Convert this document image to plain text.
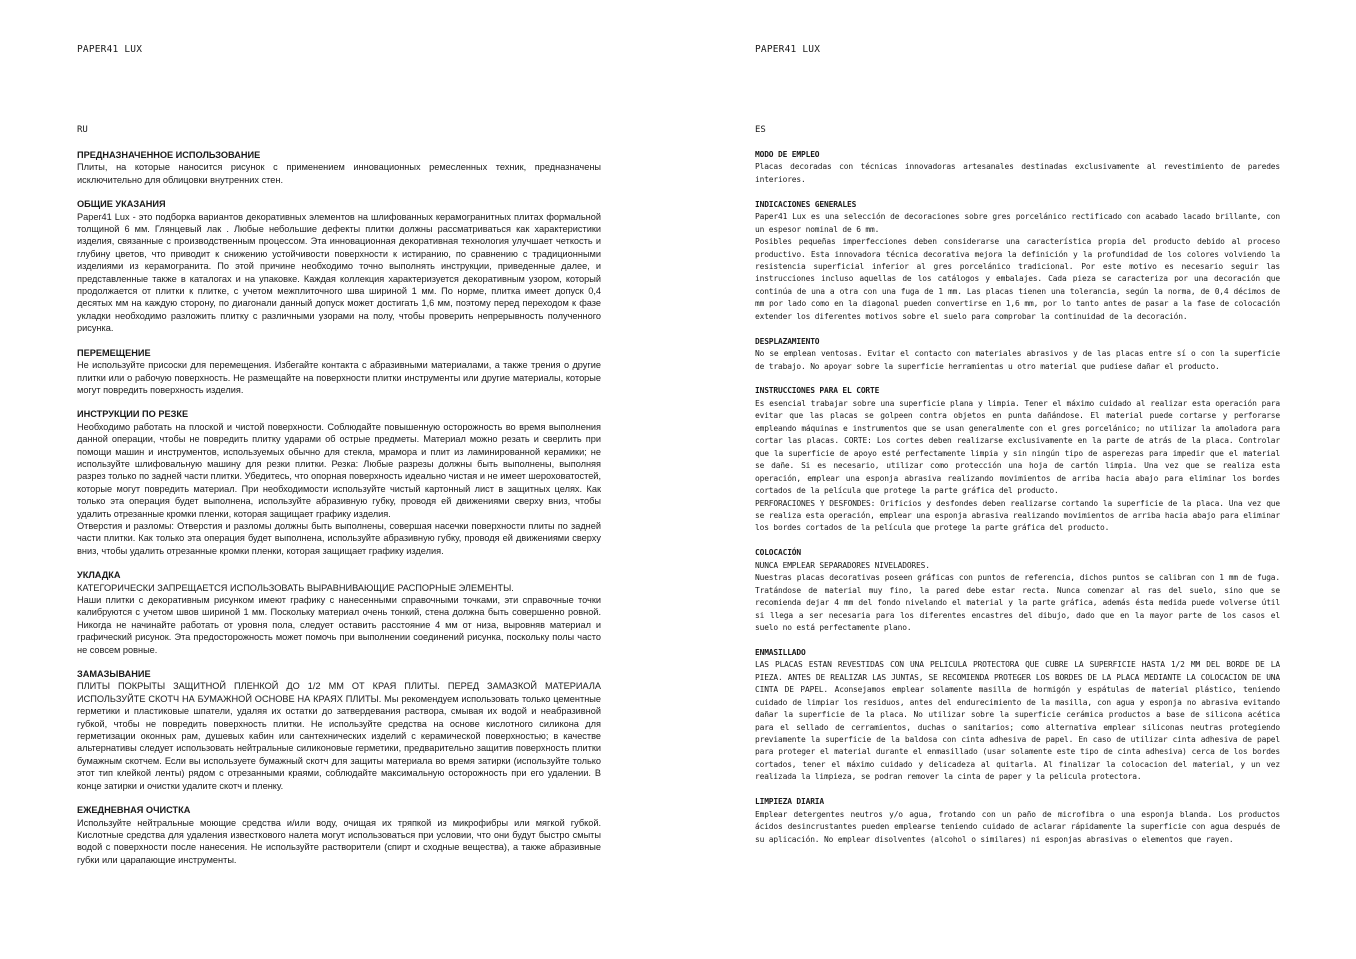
PAPER41 LUX
RU
ПРЕДНАЗНАЧЕННОЕ ИСПОЛЬЗОВАНИЕ

Плиты, на которые наносится рисунок с применением инновационных ремесленных техник, предназначены исключительно для облицовки внутренних стен.

ОБЩИЕ УКАЗАНИЯ

Paper41 Lux - это подборка вариантов декоративных элементов на шлифованных керамогранитных плитах формальной толщиной 6 мм. Глянцевый лак . Любые небольшие дефекты плитки должны рассматриваться как характеристики изделия, связанные с производственным процессом. Эта инновационная декоративная технология улучшает четкость и глубину цветов, что приводит к снижению устойчивости поверхности к истиранию, по сравнению с традиционными изделиями из керамогранита. По этой причине необходимо точно выполнять инструкции, приведенные далее, и представленные также в каталогах и на упаковке. Каждая коллекция характеризуется декоративным узором, который продолжается от плитки к плитке, с учетом межплиточного шва шириной 1 мм. По норме, плитка имеет допуск 0,4 десятых мм на каждую сторону, по диагонали данный допуск может достигать 1,6 мм, поэтому перед переходом к фазе укладки необходимо разложить плитку с различными узорами на полу, чтобы проверить непрерывность полученного рисунка.

ПЕРЕМЕЩЕНИЕ

Не используйте присоски для перемещения. Избегайте контакта с абразивными материалами, а также трения о другие плитки или о рабочую поверхность. Не размещайте на поверхности плитки инструменты или другие материалы, которые могут повредить поверхность изделия.

ИНСТРУКЦИИ ПО РЕЗКЕ

Необходимо работать на плоской и чистой поверхности. Соблюдайте повышенную осторожность во время выполнения данной операции, чтобы не повредить плитку ударами об острые предметы. Материал можно резать и сверлить при помощи машин и инструментов, используемых обычно для стекла, мрамора и плит из ламинированной керамики; не используйте шлифовальную машину для резки плитки. Резка: Любые разрезы должны быть выполнены, выполняя разрез только по задней части плитки. Убедитесь, что опорная поверхность идеально чистая и не имеет шероховатостей, которые могут повредить материал. При необходимости используйте чистый картонный лист в защитных целях. Как только эта операция будет выполнена, используйте абразивную губку, проводя ей движениями сверху вниз, чтобы удалить отрезанные кромки пленки, которая защищает графику изделия.

Отверстия и разломы: Отверстия и разломы должны быть выполнены, совершая насечки поверхности плиты по задней части плитки. Как только эта операция будет выполнена, используйте абразивную губку, проводя ей движениями сверху вниз, чтобы удалить отрезанные кромки пленки, которая защищает графику изделия.

УКЛАДКА

КАТЕГОРИЧЕСКИ ЗАПРЕЩАЕТСЯ ИСПОЛЬЗОВАТЬ ВЫРАВНИВАЮЩИЕ РАСПОРНЫЕ ЭЛЕМЕНТЫ.

Наши плитки с декоративным рисунком имеют графику с нанесенными справочными точками, эти справочные точки калибруются с учетом швов шириной 1 мм. Поскольку материал очень тонкий, стена должна быть совершенно ровной. Никогда не начинайте работать от уровня пола, следует оставить расстояние 4 мм от низа, выровняв материал и графический рисунок. Эта предосторожность может помочь при выполнении соединений рисунка, поскольку полы часто не совсем ровные.

ЗАМАЗЫВАНИЕ

ПЛИТЫ ПОКРЫТЫ ЗАЩИТНОЙ ПЛЕНКОЙ ДО 1/2 ММ ОТ КРАЯ ПЛИТЫ. ПЕРЕД ЗАМАЗКОЙ МАТЕРИАЛА ИСПОЛЬЗУЙТЕ СКОТЧ НА БУМАЖНОЙ ОСНОВЕ НА КРАЯХ ПЛИТЫ. Мы рекомендуем использовать только цементные герметики и пластиковые шпатели, удаляя их остатки до затвердевания раствора, смывая их водой и неабразивной губкой, чтобы не повредить поверхность плитки. Не используйте средства на основе кислотного силикона для герметизации оконных рам, душевых кабин или сантехнических изделий с керамической поверхностью; в качестве альтернативы следует использовать нейтральные силиконовые герметики, предварительно защитив поверхность плитки бумажным скотчем. Если вы используете бумажный скотч для защиты материала во время затирки (используйте только этот тип клейкой ленты) рядом с отрезанными краями, соблюдайте максимальную осторожность при его удалении. В конце затирки и очистки удалите скотч и пленку.

ЕЖЕДНЕВНАЯ ОЧИСТКА

Используйте нейтральные моющие средства и/или воду, очищая их тряпкой из микрофибры или мягкой губкой. Кислотные средства для удаления известкового налета могут использоваться при условии, что они будут быстро смыты водой с поверхности после нанесения. Не используйте растворители (спирт и сходные вещества), а также абразивные губки или царапающие инструменты.

PAPER41 LUX
ES
MODO DE EMPLEO

Placas decoradas con técnicas innovadoras artesanales destinadas exclusivamente al revestimiento de paredes interiores.

INDICACIONES GENERALES

Paper41 Lux es una selección de decoraciones sobre gres porcelánico rectificado con acabado lacado brillante, con un espesor nominal de 6 mm.

Posibles pequeñas imperfecciones deben considerarse una característica propia del producto debido al proceso productivo. Esta innovadora técnica decorativa mejora la definición y la profundidad de los colores volviendo la resistencia superficial inferior al gres porcelánico tradicional. Por este motivo es necesario seguir las instrucciones incluso aquellas de los catálogos y embalajes. Cada pieza se caracteriza por una decoración que continúa de una a otra con una fuga de 1 mm. Las placas tienen una tolerancia, según la norma, de 0,4 décimos de mm por lado como en la diagonal pueden convertirse en 1,6 mm, por lo tanto antes de pasar a la fase de colocación extender los diferentes motivos sobre el suelo para comprobar la continuidad de la decoración.

DESPLAZAMIENTO

No se emplean ventosas. Evitar el contacto con materiales abrasivos y de las placas entre sí o con la superficie de trabajo. No apoyar sobre la superficie herramientas u otro material que pudiese dañar el producto.

INSTRUCCIONES PARA EL CORTE

Es esencial trabajar sobre una superficie plana y limpia. Tener el máximo cuidado al realizar esta operación para evitar que las placas se golpeen contra objetos en punta dañándose. El material puede cortarse y perforarse empleando máquinas e instrumentos que se usan generalmente con el gres porcelánico; no utilizar la amoladora para cortar las placas. CORTE: Los cortes deben realizarse exclusivamente en la parte de atrás de la placa. Controlar que la superficie de apoyo esté perfectamente limpia y sin ningún tipo de asperezas para impedir que el material se dañe. Si es necesario, utilizar como protección una hoja de cartón limpia. Una vez que se realiza esta operación, emplear una esponja abrasiva realizando movimientos de arriba hacia abajo para eliminar los bordes cortados de la película que protege la parte gráfica del producto.

PERFORACIONES Y DESFONDES: Orificios y desfondes deben realizarse cortando la superficie de la placa. Una vez que se realiza esta operación, emplear una esponja abrasiva realizando movimientos de arriba hacia abajo para eliminar los bordes cortados de la película que protege la parte gráfica del producto.

COLOCACIÓN

NUNCA EMPLEAR SEPARADORES NIVELADORES.

Nuestras placas decorativas poseen gráficas con puntos de referencia, dichos puntos se calibran con 1 mm de fuga. Tratándose de material muy fino, la pared debe estar recta. Nunca comenzar al ras del suelo, sino que se recomienda dejar 4 mm del fondo nivelando el material y la parte gráfica, además ésta medida puede volverse útil si llega a ser necesaria para los diferentes encastres del dibujo, dado que en la mayor parte de los casos el suelo no está perfectamente plano.

ENMASILLADO

LAS PLACAS ESTAN REVESTIDAS CON UNA PELICULA PROTECTORA QUE CUBRE LA SUPERFICIE HASTA 1/2 MM DEL BORDE DE LA PIEZA. ANTES DE REALIZAR LAS JUNTAS, SE RECOMIENDA PROTEGER LOS BORDES DE LA PLACA MEDIANTE LA COLOCACION DE UNA CINTA DE PAPEL. Aconsejamos emplear solamente masilla de hormigón y espátulas de material plástico, teniendo cuidado de limpiar los residuos, antes del endurecimiento de la masilla, con agua y esponja no abrasiva evitando dañar la superficie de la placa. No utilizar sobre la superficie cerámica productos a base de silicona acética para el sellado de cerramientos, duchas o sanitarios; como alternativa emplear siliconas neutras protegiendo previamente la superficie de la baldosa con cinta adhesiva de papel. En caso de utilizar cinta adhesiva de papel para proteger el material durante el enmasillado (usar solamente este tipo de cinta adhesiva) cerca de los bordes cortados, tener el máximo cuidado y delicadeza al quitarla. Al finalizar la colocacion del material, y un vez realizada la limpieza, se podran remover la cinta de paper y la pelicula protectora.

LIMPIEZA DIARIA

Emplear detergentes neutros y/o agua, frotando con un paño de microfibra o una esponja blanda. Los productos ácidos desincrustantes pueden emplearse teniendo cuidado de aclarar rápidamente la superficie con agua después de su aplicación. No emplear disolventes (alcohol o similares) ni esponjas abrasivas o elementos que rayen.
